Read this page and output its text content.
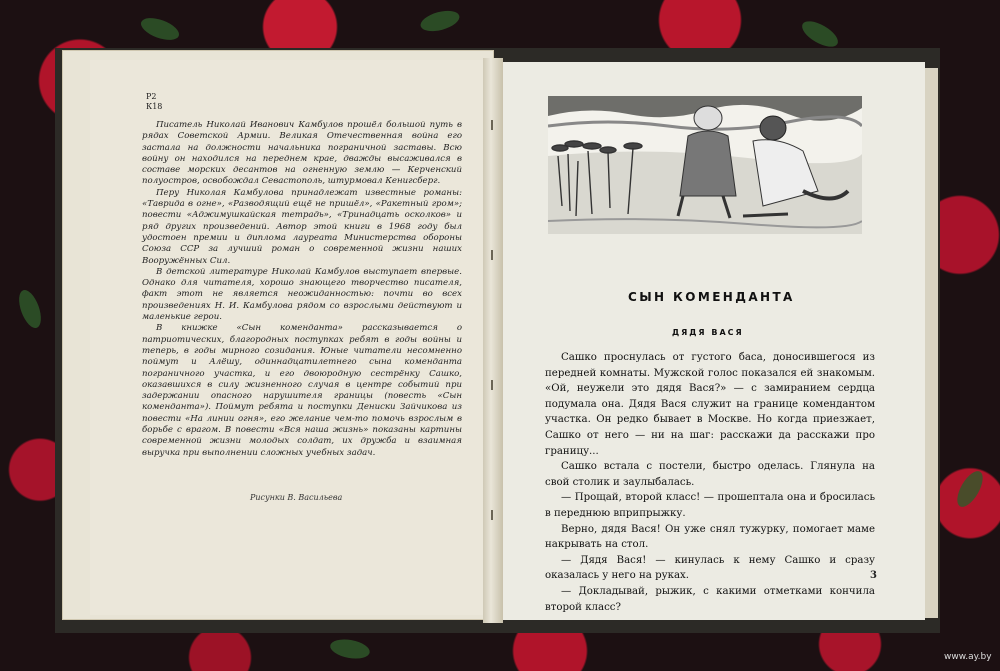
Р2
К18

Писатель Николай Иванович Камбулов прошёл большой путь в рядах Советской Армии. Великая Отечественная война его застала на должности начальника пограничной заставы. Всю войну он находился на переднем крае, дважды высаживался в составе морских десантов на огненную землю — Керченский полуостров, освобождал Севастополь, штурмовал Кенигсберг.

Перу Николая Камбулова принадлежат известные романы: «Таврида в огне», «Разводящий ещё не пришёл», «Ракетный гром»; повести «Аджимушкайская тетрадь», «Тринадцать осколков» и ряд других произведений. Автор этой книги в 1968 году был удостоен премии и диплома лауреата Министерства обороны Союза ССР за лучший роман о современной жизни наших Вооружённых Сил.

В детской литературе Николай Камбулов выступает впервые. Однако для читателя, хорошо знающего творчество писателя, факт этот не является неожиданностью: почти во всех произведениях Н. И. Камбулова рядом со взрослыми действуют и маленькие герои.

В книжке «Сын коменданта» рассказывается о патриотических, благородных поступках ребят в годы войны и теперь, в годы мирного созидания. Юные читатели несомненно поймут и Алёшу, одиннадцатилетнего сына коменданта пограничного участка, и его двоюродную сестрёнку Сашко, оказавшихся в силу жизненного случая в центре событий при задержании опасного нарушителя границы (повесть «Сын коменданта»). Поймут ребята и поступки Дениски Зайчикова из повести «На линии огня», его желание чем-то помочь взрослым в борьбе с врагом. В повести «Вся наша жизнь» показаны картины современной жизни молодых солдат, их дружба и взаимная выручка при выполнении сложных учебных задач.

Рисунки В. Васильева
СЫН КОМЕНДАНТА
ДЯДЯ ВАСЯ

Сашко проснулась от густого баса, доносившегося из передней комнаты. Мужской голос показался ей знакомым. «Ой, неужели это дядя Вася?» — с замиранием сердца подумала она. Дядя Вася служит на границе комендантом участка. Он редко бывает в Москве. Но когда приезжает, Сашко от него — ни на шаг: расскажи да расскажи про границу...

Сашко встала с постели, быстро оделась. Глянула на свой столик и заулыбалась.

— Прощай, второй класс! — прошептала она и бросилась в переднюю вприпрыжку.

Верно, дядя Вася! Он уже снял тужурку, помогает маме накрывать на стол.

— Дядя Вася! — кинулась к нему Сашко и сразу оказалась у него на руках.

— Докладывай, рыжик, с какими отметками кончила второй класс?

3
www.ay.by
